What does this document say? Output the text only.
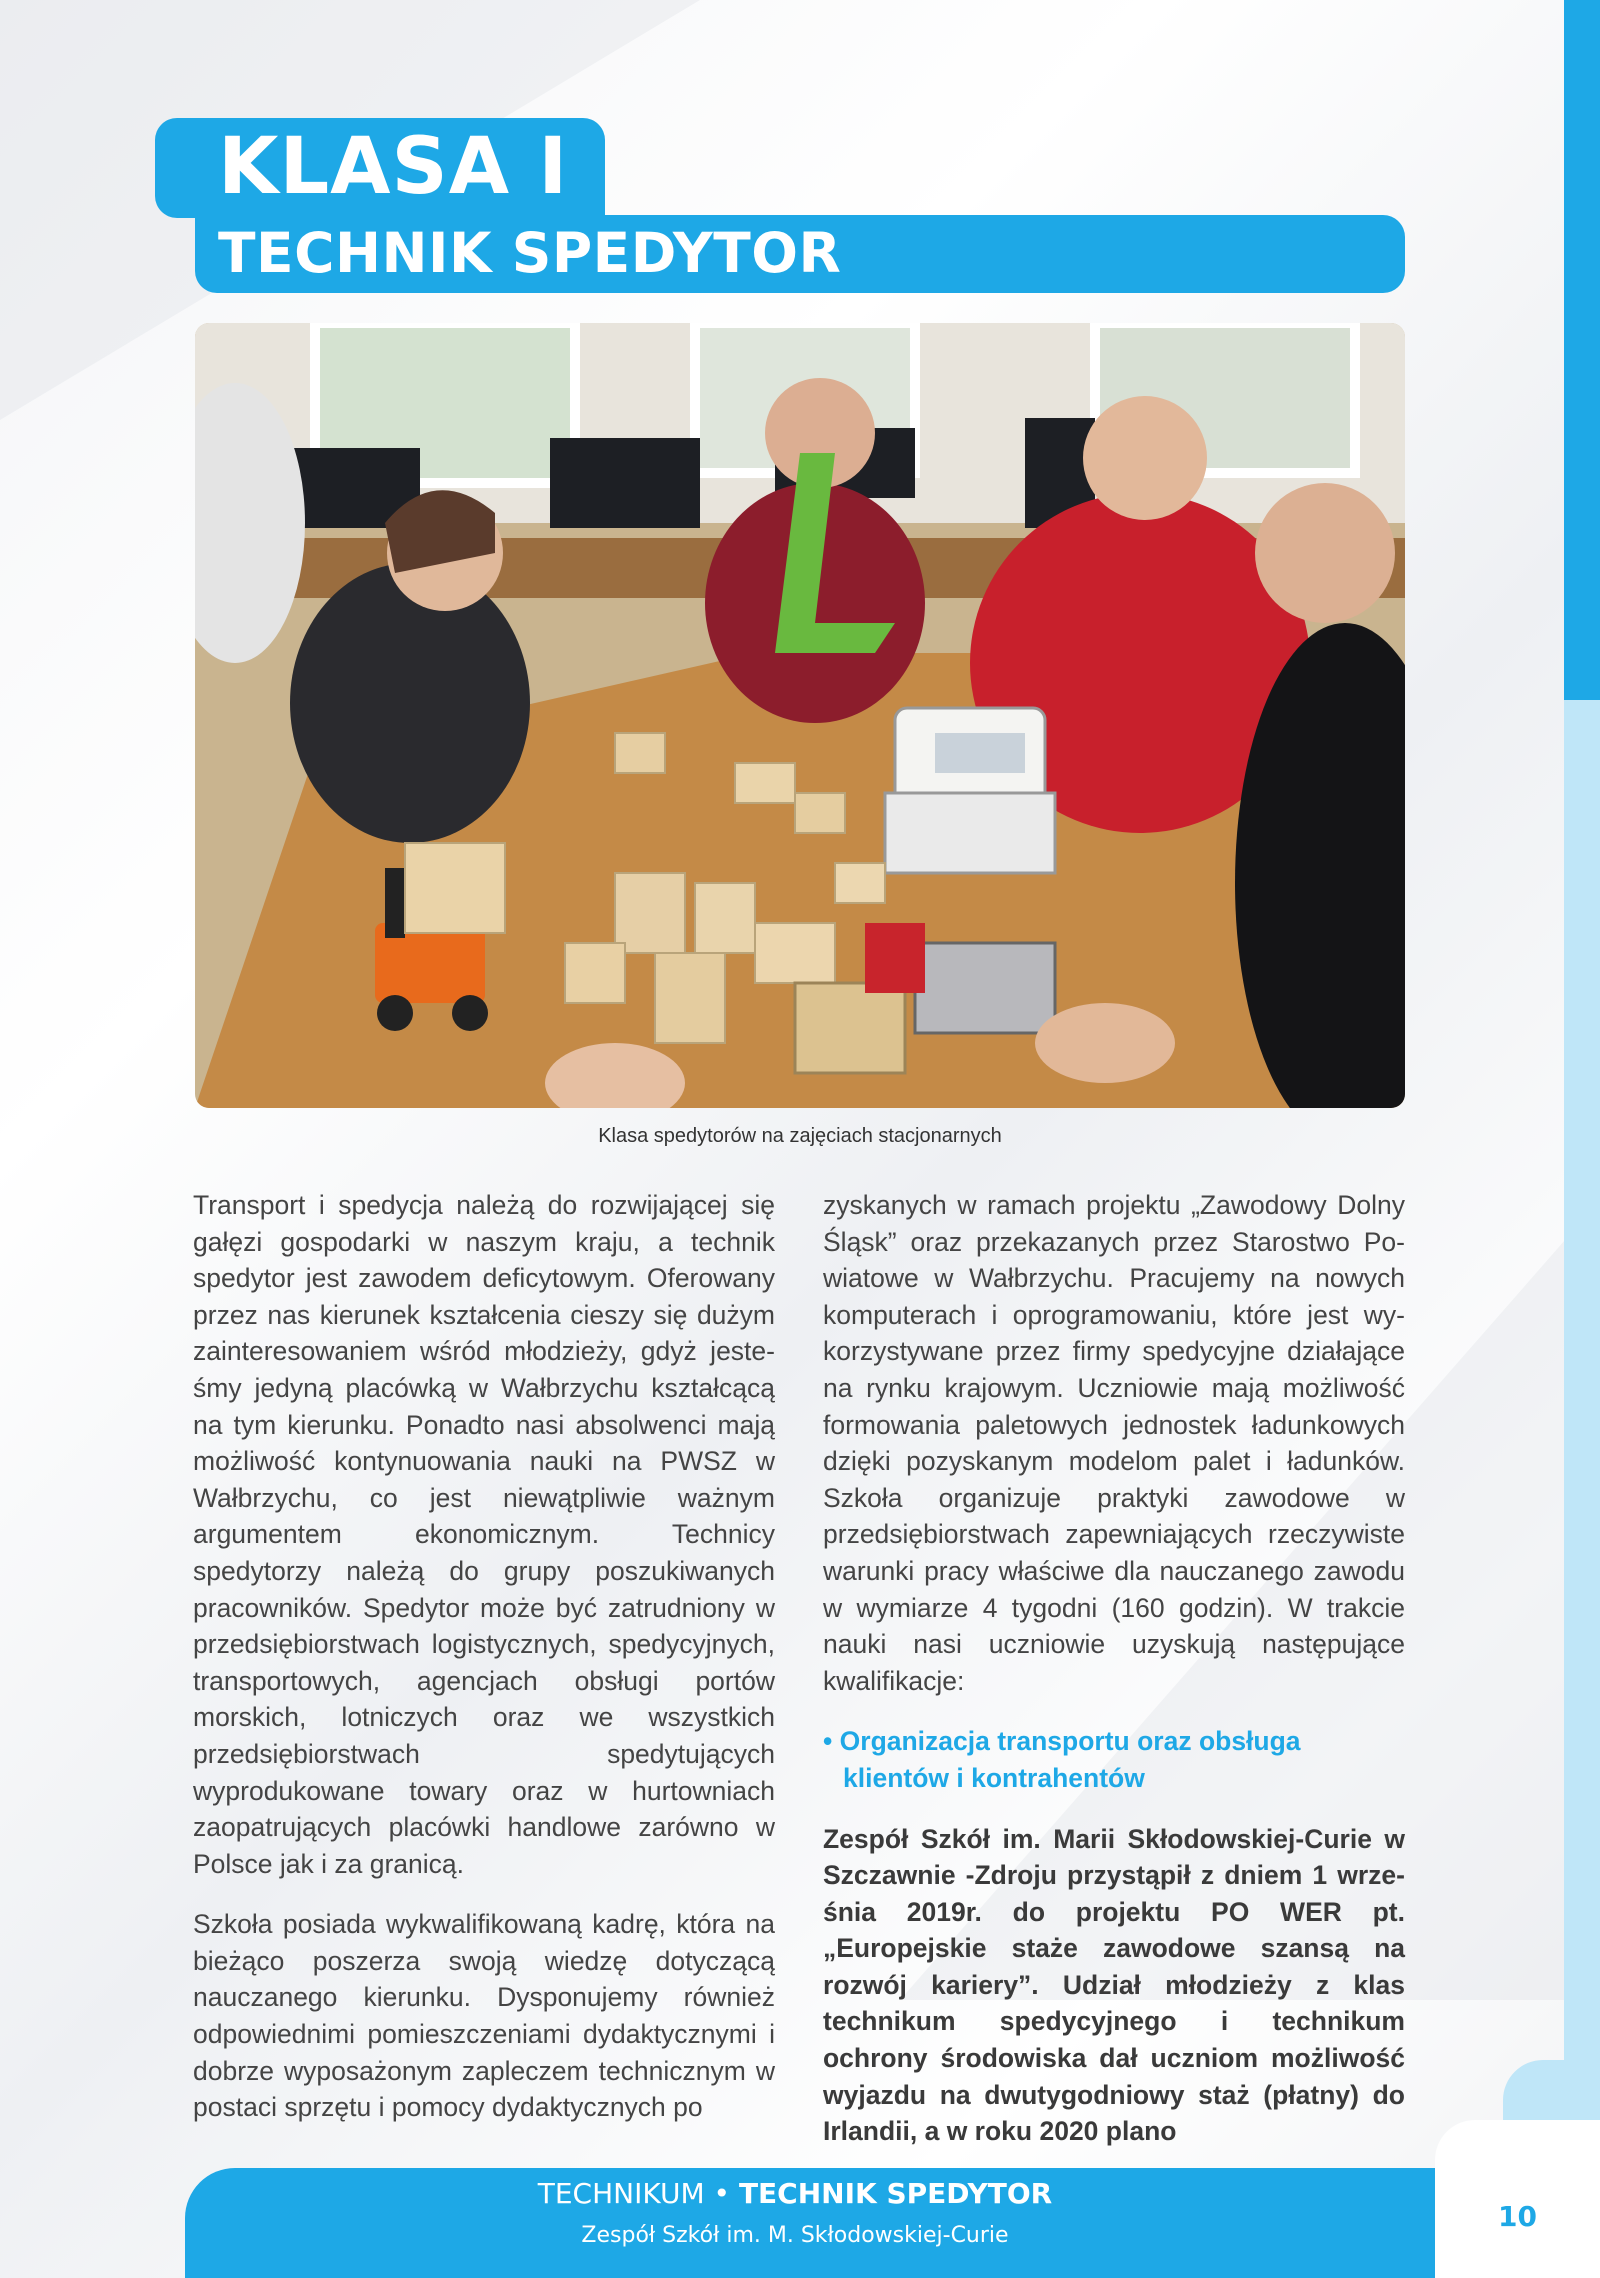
KLASA I
TECHNIK SPEDYTOR
Klasa spedytorów na zajęciach stacjonarnych

Transport i spedycja należą do rozwijającej się gałęzi gospodarki w naszym kraju, a technik spedytor jest zawodem deficytowym. Oferowany przez nas kierunek kształcenia cieszy się dużym zainteresowaniem wśród młodzieży, gdyż jesteśmy jedyną placówką w Wałbrzychu kształcącą na tym kierunku. Ponadto nasi absolwenci mają możliwość kontynuowania nauki na PWSZ w Wałbrzychu, co jest niewątpliwie ważnym argumentem ekonomicznym. Technicy spedytorzy należą do grupy poszukiwanych pracowników. Spedytor może być zatrudniony w przedsiębiorstwach logistycznych, spedycyjnych, transportowych, agencjach obsługi portów morskich, lotniczych oraz we wszystkich przedsiębiorstwach spedytujących wyprodukowane towary oraz w hurtowniach zaopatrujących placówki handlowe zarówno w Polsce jak i za granicą.

Szkoła posiada wykwalifikowaną kadrę, która na bieżąco poszerza swoją wiedzę dotyczącą nauczanego kierunku. Dysponujemy również odpowiednimi pomieszczeniami dydaktycznymi i dobrze wyposażonym zapleczem technicznym w postaci sprzętu i pomocy dydaktycznych po

zyskanych w ramach projektu „Zawodowy Dolny Śląsk” oraz przekazanych przez Starostwo Powiatowe w Wałbrzychu. Pracujemy na nowych komputerach i oprogramowaniu, które jest wykorzystywane przez firmy spedycyjne działające na rynku krajowym. Uczniowie mają możliwość formowania paletowych jednostek ładunkowych dzięki pozyskanym modelom palet i ładunków. Szkoła organizuje praktyki zawodowe w przedsiębiorstwach zapewniających rzeczywiste warunki pracy właściwe dla nauczanego zawodu w wymiarze 4 tygodni (160 godzin). W trakcie nauki nasi uczniowie uzyskują następujące kwalifikacje:

• Organizacja transportu oraz obsługa klientów i kontrahentów

Zespół Szkół im. Marii Skłodowskiej-Curie w Szczawnie -Zdroju przystąpił z dniem 1 września 2019r. do projektu PO WER pt.„Europejskie staże zawodowe szansą na rozwój kariery”. Udział młodzieży z klas technikum spedycyjnego i technikum ochrony środowiska dał uczniom możliwość wyjazdu na dwutygodniowy staż (płatny) do Irlandii, a w roku 2020 plano

10
TECHNIKUM • TECHNIK SPEDYTOR
Zespół Szkół im. M. Skłodowskiej-Curie
